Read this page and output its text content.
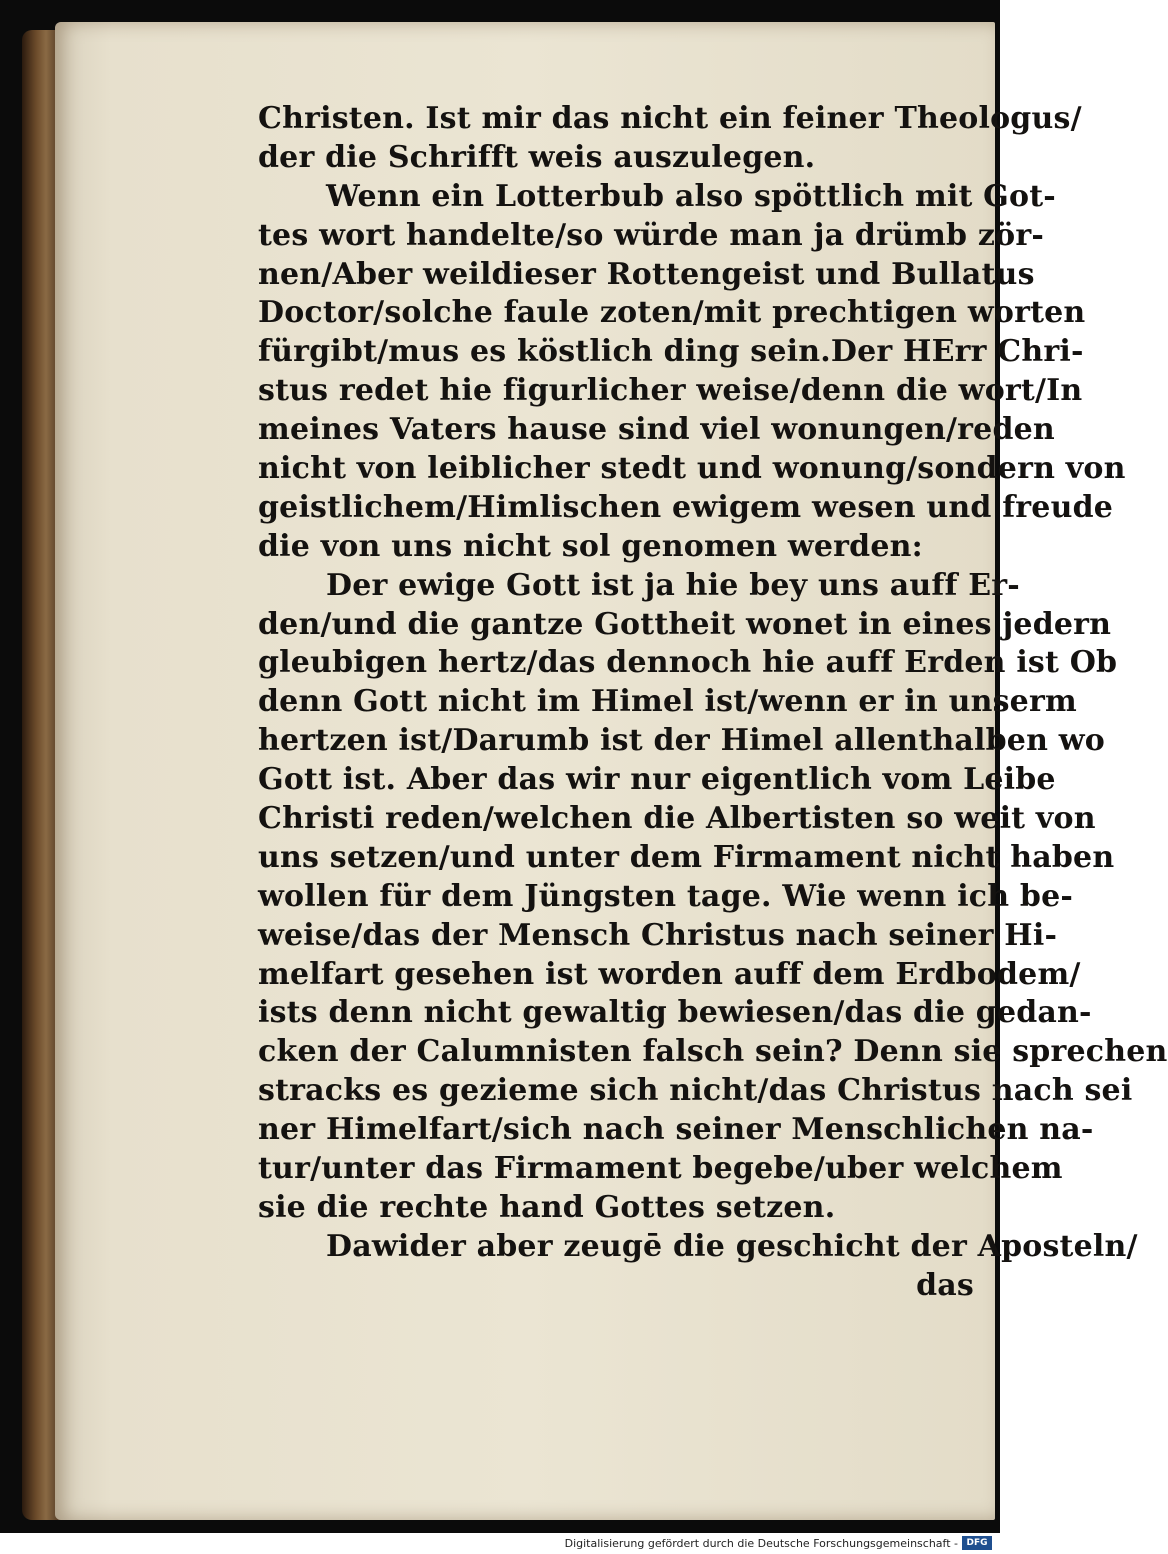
Christen. Ist mir das nicht ein feiner Theologus/
der die Schrifft weis auszulegen.
Wenn ein Lotterbub also spöttlich mit Got-
tes wort handelte/so würde man ja drümb zör-
nen/Aber weildieser Rottengeist und Bullatus
Doctor/solche faule zoten/mit prechtigen worten
fürgibt/mus es köstlich ding sein.Der HErr Chri-
stus redet hie figurlicher weise/denn die wort/In
meines Vaters hause sind viel wonungen/reden
nicht von leiblicher stedt und wonung/sondern von
geistlichem/Himlischen ewigem wesen und freude
die von uns nicht sol genomen werden:
Der ewige Gott ist ja hie bey uns auff Er-
den/und die gantze Gottheit wonet in eines jedern
gleubigen hertz/das dennoch hie auff Erden ist Ob
denn Gott nicht im Himel ist/wenn er in unserm
hertzen ist/Darumb ist der Himel allenthalben wo
Gott ist. Aber das wir nur eigentlich vom Leibe
Christi reden/welchen die Albertisten so weit von
uns setzen/und unter dem Firmament nicht haben
wollen für dem Jüngsten tage. Wie wenn ich be-
weise/das der Mensch Christus nach seiner Hi-
melfart gesehen ist worden auff dem Erdbodem/
ists denn nicht gewaltig bewiesen/das die gedan-
cken der Calumnisten falsch sein? Denn sie sprechen
stracks es gezieme sich nicht/das Christus nach sei
ner Himelfart/sich nach seiner Menschlichen na-
tur/unter das Firmament begebe/uber welchem
sie die rechte hand Gottes setzen.
Dawider aber zeugē die geschicht der Aposteln/
das
Digitalisierung gefördert durch die Deutsche Forschungsgemeinschaft - DFG
